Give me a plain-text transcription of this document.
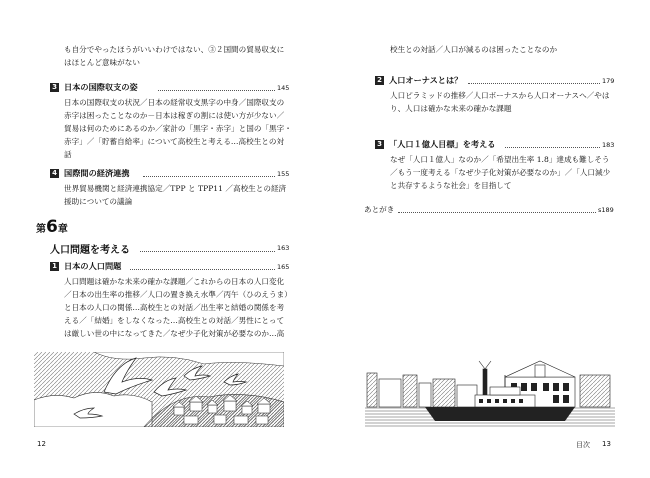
も自分でやったほうがいいわけではない、③２国間の貿易収支に
はほとんど意味がない
3 日本の国際収支の姿	145
日本の国際収支の状況／日本の経常収支黒字の中身／国際収支の
赤字は困ったことなのか－日本は稼ぎの割には使い方が少ない／
貿易は何のためにあるのか／家計の「黒字・赤字」と国の「黒字・
赤字」／「貯蓄自給率」について高校生と考える…高校生との対
話
4 国際間の経済連携	155
世界貿易機関と経済連携協定／TPP と TPP11 ／高校生との経済
援助についての議論
第6章
人口問題を考える	163
1 日本の人口問題	165
人口問題は確かな未来の確かな課題／これからの日本の人口変化
／日本の出生率の推移／人口の置き換え水準／丙午（ひのえうま）
と日本の人口の関係…高校生との対話／出生率と結婚の関係を考
える／「結婚」をしなくなった…高校生との対話／男性にとって
は厳しい世の中になってきた／なぜ少子化対策が必要なのか…高
12
校生との対話／人口が減るのは困ったことなのか
2 人口オーナスとは？	179
人口ピラミッドの推移／人口ボーナスから人口オーナスへ／やは
り、人口は確かな未来の確かな課題
3 「人口１億人目標」を考える	183
なぜ「人口１億人」なのか／「希望出生率 1.8」達成も難しそう
／もう一度考える「なぜ少子化対策が必要なのか」／「人口減少
と共存するような社会」を目指して
あとがき	s189
目次 13
